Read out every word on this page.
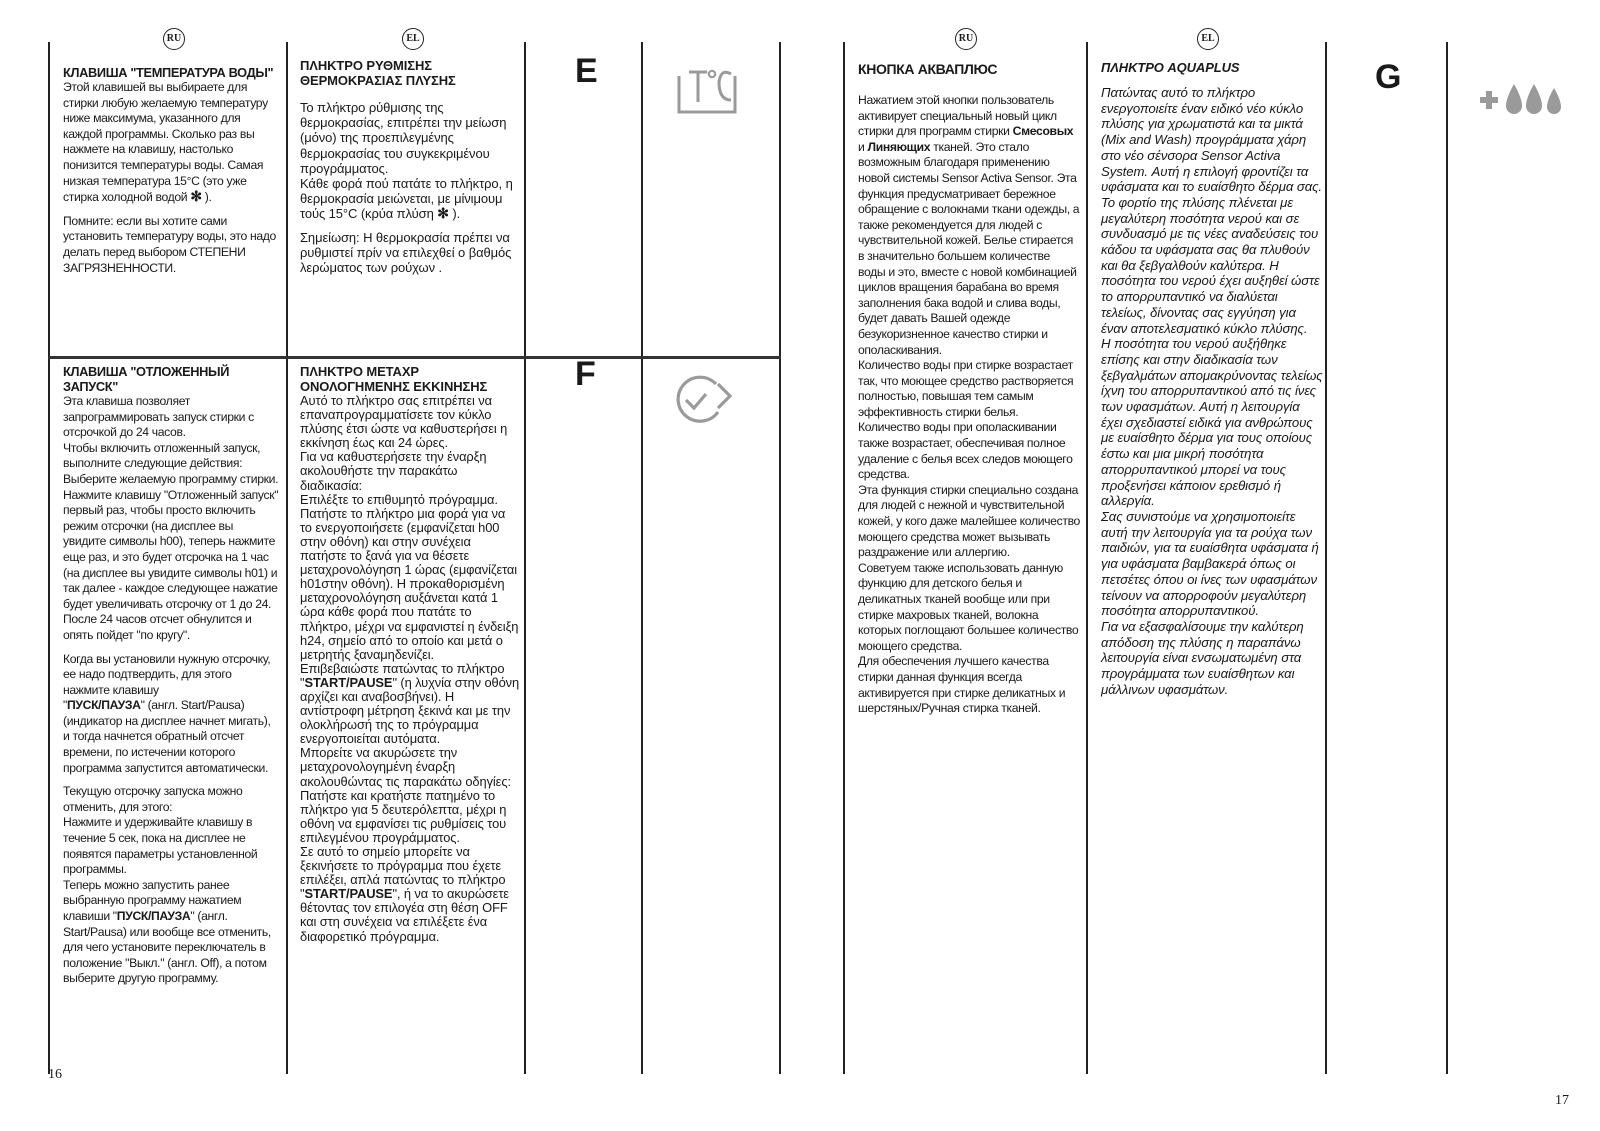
RU	EL	RU	EL

КЛАВИША "ТЕМПЕРАТУРА ВОДЫ"

Этой клавишей вы выбираете для стирки любую желаемую температуру ниже максимума, указанного для каждой программы. Сколько раз вы нажмете на клавишу, настолько понизится температуры воды. Самая низкая температура 15°C (это уже стирка холодной водой ✻ ).

Помните: если вы хотите сами установить температуру воды, это надо делать перед выбором СТЕПЕНИ ЗАГРЯЗНЕННОСТИ.

ΠΛΗΚΤΡΟ ΡΥΘΜΙΣΗΣ ΘΕΡΜΟΚΡΑΣΙΑΣ ΠΛΥΣΗΣ

Το πλήκτρο ρύθμισης της θερμοκρασίας, επιτρέπει την μείωση (μόνο) της προεπιλεγμένης θερμοκρασίας του συγκεκριμένου προγράμματος.
Κάθε φορά πού πατάτε το πλήκτρο, η θερμοκρασία μειώνεται, με μίνιμουμ τούς 15°C (κρύα πλύση ✻ ).

Σημείωση: Η θερμοκρασία πρέπει να ρυθμιστεί πρίν να επιλεχθεί ο βαθμός λερώματος των ρούχων .

E

КЛАВИША "ОТЛОЖЕННЫЙ ЗАПУСК"

Эта клавиша позволяет запрограммировать запуск стирки с отсрочкой до 24 часов.
Чтобы включить отложенный запуск, выполните следующие действия:
Выберите желаемую программу стирки.
Нажмите клавишу "Отложенный запуск" первый раз, чтобы просто включить режим отсрочки (на дисплее вы увидите символы h00), теперь нажмите еще раз, и это будет отсрочка на 1 час (на дисплее вы увидите символы h01) и так далее - каждое следующее нажатие будет увеличивать отсрочку от 1 до 24. После 24 часов отсчет обнулится и опять пойдет "по кругу".

Когда вы установили нужную отсрочку, ее надо подтвердить, для этого нажмите клавишу
"ПУСК/ПАУЗА" (англ. Start/Pausa) (индикатор на дисплее начнет мигать), и тогда начнется обратный отсчет времени, по истечении которого программа запустится автоматически.

Текущую отсрочку запуска можно отменить, для этого:
Нажмите и удерживайте клавишу в течение 5 сек, пока на дисплее не появятся параметры установленной программы.
Теперь можно запустить ранее выбранную программу нажатием клавиши "ПУСК/ПАУЗА" (англ. Start/Pausa) или вообще все отменить, для чего установите переключатель в положение "Выкл." (англ. Off), а потом выберите другую программу.

ΠΛΗΚΤΡΟ ΜΕΤΑΧΡ ΟΝΟΛΟΓΗΜΕΝΗΣ ΕΚΚΙΝΗΣΗΣ

Αυτό το πλήκτρο σας επιτρέπει να επαναπρογραμματίσετε τον κύκλο πλύσης έτσι ώστε να καθυστερήσει η εκκίνηση έως και 24 ώρες.
Για να καθυστερήσετε την έναρξη ακολουθήστε την παρακάτω διαδικασία:
Επιλέξτε το επιθυμητό πρόγραμμα.
Πατήστε το πλήκτρο μια φορά για να το ενεργοποιήσετε (εμφανίζεται h00 στην οθόνη) και στην συνέχεια πατήστε το ξανά για να θέσετε μεταχρονολόγηση 1 ώρας (εμφανίζεται h01στην οθόνη). Η προκαθορισμένη μεταχρονολόγηση αυξάνεται κατά 1 ώρα κάθε φορά που πατάτε το πλήκτρο, μέχρι να εμφανιστεί η ένδειξη h24, σημείο από το οποίο και μετά ο μετρητής ξαναμηδενίζει.
Επιβεβαιώστε πατώντας το πλήκτρο "START/PAUSE" (η λυχνία στην οθόνη αρχίζει και αναβοσβήνει). Η αντίστροφη μέτρηση ξεκινά και με την ολοκλήρωσή της το πρόγραμμα ενεργοποιείται αυτόματα.
Μπορείτε να ακυρώσετε την μεταχρονολογημένη έναρξη ακολουθώντας τις παρακάτω οδηγίες:
Πατήστε και κρατήστε πατημένο το πλήκτρο για 5 δευτερόλεπτα, μέχρι η οθόνη να εμφανίσει τις ρυθμίσεις του επιλεγμένου προγράμματος.
Σε αυτό το σημείο μπορείτε να ξεκινήσετε το πρόγραμμα που έχετε επιλέξει, απλά πατώντας το πλήκτρο "START/PAUSE", ή να το ακυρώσετε θέτοντας τον επιλογέα στη θέση OFF και στη συνέχεια να επιλέξετε ένα διαφορετικό πρόγραμμα.

F
16

КНОПКА АКВАПЛЮС

Нажатием этой кнопки пользователь активирует специальный новый цикл стирки для программ стирки Смесовых и Линяющих тканей. Это стало возможным благодаря применению новой системы Sensor Activa Sensor. Эта функция предусматривает бережное обращение с волокнами ткани одежды, а также рекомендуется для людей с чувствительной кожей. Белье стирается в значительно большем количестве воды и это, вместе с новой комбинацией циклов вращения барабана во время заполнения бака водой и слива воды, будет давать Вашей одежде безукоризненное качество стирки и ополаскивания.
Количество воды при стирке возрастает так, что моющее средство растворяется полностью, повышая тем самым эффективность стирки белья.
Количество воды при ополаскивании также возрастает, обеспечивая полное удаление с белья всех следов моющего средства.
Эта функция стирки специально создана для людей с нежной и чувствительной кожей, у кого даже малейшее количество моющего средства может вызывать раздражение или аллергию.
Советуем также использовать данную функцию для детского белья и деликатных тканей вообще или при стирке махровых тканей, волокна которых поглощают большее количество моющего средства.
Для обеспечения лучшего качества стирки данная функция всегда активируется при стирке деликатных и шерстяных/Ручная стирка тканей.

ΠΛΗΚΤΡΟ AQUAPLUS

Πατώντας αυτό το πλήκτρο ενεργοποιείτε έναν ειδικό νέο κύκλο πλύσης για χρωματιστά και τα μικτά (Mix and Wash) προγράμματα χάρη στο νέο σένσορα Sensor Activa System. Αυτή η επιλογή φροντίζει τα υφάσματα και το ευαίσθητο δέρμα σας.
Το φορτίο της πλύσης πλένεται με μεγαλύτερη ποσότητα νερού και σε συνδυασμό με τις νέες αναδεύσεις του κάδου τα υφάσματα σας θα πλυθούν και θα ξεβγαλθούν καλύτερα. Η ποσότητα του νερού έχει αυξηθεί ώστε το απορρυπαντικό να διαλύεται τελείως, δίνοντας σας εγγύηση για έναν αποτελεσματικό κύκλο πλύσης.
Η ποσότητα του νερού αυξήθηκε επίσης και στην διαδικασία των ξεβγαλμάτων απομακρύνοντας τελείως ίχνη του απορρυπαντικού από τις ίνες των υφασμάτων. Αυτή η λειτουργία έχει σχεδιαστεί ειδικά για ανθρώπους με ευαίσθητο δέρμα για τους οποίους έστω και μια μικρή ποσότητα απορρυπαντικού μπορεί να τους προξενήσει κάποιον ερεθισμό ή αλλεργία.
Σας συνιστούμε να χρησιμοποιείτε αυτή την λειτουργία για τα ρούχα των παιδιών, για τα ευαίσθητα υφάσματα ή για υφάσματα βαμβακερά όπως οι πετσέτες όπου οι ίνες των υφασμάτων τείνουν να απορροφούν μεγαλύτερη ποσότητα απορρυπαντικού.
Για να εξασφαλίσουμε την καλύτερη απόδοση της πλύσης η παραπάνω λειτουργία είναι ενσωματωμένη στα προγράμματα των ευαίσθητων και μάλλινων υφασμάτων.

G
17
